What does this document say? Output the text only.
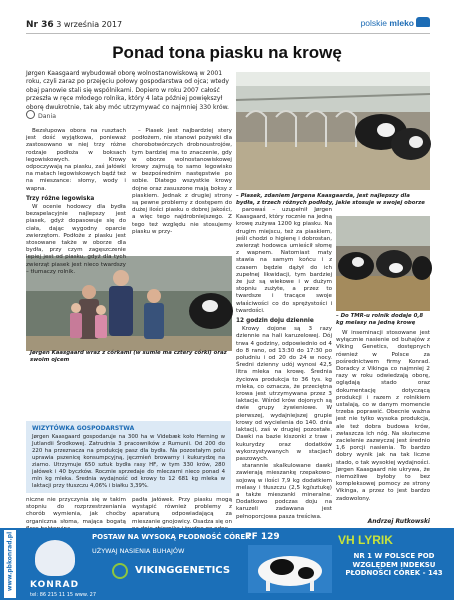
Nr 36 3 września 2017	polskie mleko
Ponad tona piasku na krowę
Jørgen Kaasgaard wybudował oborę wolnostanowiskową w 2001 roku, czyli zaraz po przejęciu połowy gospodarstwa od ojca; wtedy obaj panowie stali się wspólnikami. Dopiero w roku 2007 całość przeszła w ręce młodego rolnika, który 4 lata później powiększył oborę dwukrotnie, tak aby móc utrzymywać co najmniej 330 krów.
Dania
– Piasek, zdaniem Jørgena Kaasgaarda, jest najlepszy dla bydła, z trzech różnych podłoży, jakie stosuje w swojej oborze
– Do TMR-u rolnik dodaje 0,8 kg melasy na jedną krowę
Jørgen Kaasgaard wraz z córkami (w sumie ma cztery córki) oraz swoim ojcem

Bezsłupowa obora na rusztach jest dość wyjątkowa, ponieważ zastosowano w niej trzy różne rodzaje podłoża w boksach legowiskowych. Krowy odpoczywają na piasku, zaś jałówki na matach legowiskowych bądź też na mieszance: słomy, wody i wapna.

Trzy różne legowiska

W ocenie hodowcy dla bydła bezapelacyjnie najlepszy jest piasek, gdyż dopasowuje się do ciała, dając wygodny oparcie zwierzętom. Podłoże z piasku jest stosowane także w oborze dla bydła, przy czym zagęszczenie lepiej jest od piasku, gdyż dla tych zwierząt piasek jest nieco twardszy – tłumaczy rolnik.

– Piasek jest najbardziej stery podłożem, nie stanowi pożywki dla chorobotwórczych drobnoustrojów, tym bardziej ma to znaczenie, gdy w oborze wolnostanowiskowej krowy zajmują to samo legowisko w bezpośrednim następstwie po sobie. Dlatego wszystkie krowy dojne oraz zasuszone mają boksy z piaskiem. Jednak z drugiej strony są pewne problemy z dostępem do dużej ilości piasku o dobrej jakości, a więc tego najdrobniejszego. Z tego też względu nie stosujemy piasku w przy-

parowaś – uzupełnił Jørgen Kaasgaard, który rocznie na jedną krowę zużywa 1200 kg piasku. Na drugim miejscu, też za piaskiem, jeśli chodzi o higienę i dobrostan, zwierząt hodowca umieścił słomę z wapnem. Natomiast maty stawia na samym końcu i z czasem będzie dążył do ich zupełnej likwidacji, tym bardziej że już są wiekowe i w dużym stopniu zużyte, a przez to twardsze i tracące swoje właściwości co do sprężystości i twardości.

12 godzin doju dziennie

Krowy dojone są 3 razy dziennie na hali karuzelowej. Dój trwa 4 godziny, odpowiednio od 4 do 8 rano, od 13:30 do 17:30 po południu i od 20 do 24 w nocy. Średni dzienny udój wynosi 42,5 litra mleka na krowę. Średnia życiowa produkcja to 36 tys. kg mleka, co oznacza, że przeciętna krowa jest utrzymywana przez 3 laktacje. Wśród krów dojonych są dwie grupy żywieniowe. W pierwszej, wydajniejszej grupie krowy od wycielenia do 140. dnia laktacji, zaś w drugiej pozostałe. Dawki na bazie kiszonki z traw i kukurydzy oraz dodatków wykorzystywanych w stacjach paszowych.

starannie skalkulowane dawki zawierają mieszankę rzepakowo-sojową w ilości 7,9 kg dodatkiem melasy i tłuszczu (2,5 kg/sztukę) a także mieszanki mineralne. Dodatkowo podczas doju na karuzeli zadawana jest pełnoporcjowa pasza treściwa.

W inseminacji stosowane jest wyłącznie nasienie od buhajów z Viking Genetics, dostępnych również w Polsce za pośrednictwem firmy Konrad. Doradcy z Vikinga co najmniej 2 razy w roku odwiedzają oborę, oglądają stado oraz dokumentację dotyczącą produkcji i razem z rolnikiem ustalają, co w danym momencie trzeba poprawić. Obecnie ważna jest nie tylko wysoka produkcja, ale też dobra budowa krów, zwłaszcza ich nóg. Na skuteczne zacielenie zazwyczaj jest średnio 1,6 porcji nasienia. To bardzo dobry wynik jak na tak liczne stado, o tak wysokiej wydajności. Jørgen Kaasgaard nie ukrywa, że niemożliwe byłoby to bez kompleksowej pomocy ze strony Vikinga, a przez to jest bardzo zadowolony.

Andrzej Rutkowski
WIZYTÓWKA GOSPODARSTWA
Jørgen Kaasgaard gospodaruje na 300 ha w Videbæk koło Herning w Jutlandii Środkowej. Zatrudnia 3 pracowników z Rumunii. Od 200 do 220 ha przeznacza na produkcję pasz dla bydła. Na pozostałym polu uprawia pszenicę konsumpcyjną, jęczmień browarny i kukurydzę na ziarno. Utrzymuje 650 sztuk bydła rasy HF, w tym 330 krów, 280 jałówek i 40 byczków. Rocznie sprzedaje do mleczarni nieco ponad 4 mln kg mleka. Średnia wydajność od krowy to 12 681 kg mleka w laktacji przy tłuszczu 4,06% i białku 3,39%.

niczne nie przyczynia się w takim stopniu do rozprzestrzeniania chorób wymienia, jak choćby organiczna słoma, mająca bogatą

padła jałówek. Przy piasku mogą wystąpić również problemy z aparaturą odpowiadającą za mieszanie gnojowicy. Osadza się on

www.pbkonrad.pl KONRAD
POSTAW NA WYSOKĄ PŁODNOŚĆ CÓREK
UŻYWAJ NASIENIA BUHAJÓW
VIKINGGENETICS
tel: 86 215 11 15 www. 27
PF 129	VH LYRIK
NR 1 W POLSCE POD WZGLĘDEM INDEKSU PŁODNOŚCI CÓREK - 143
